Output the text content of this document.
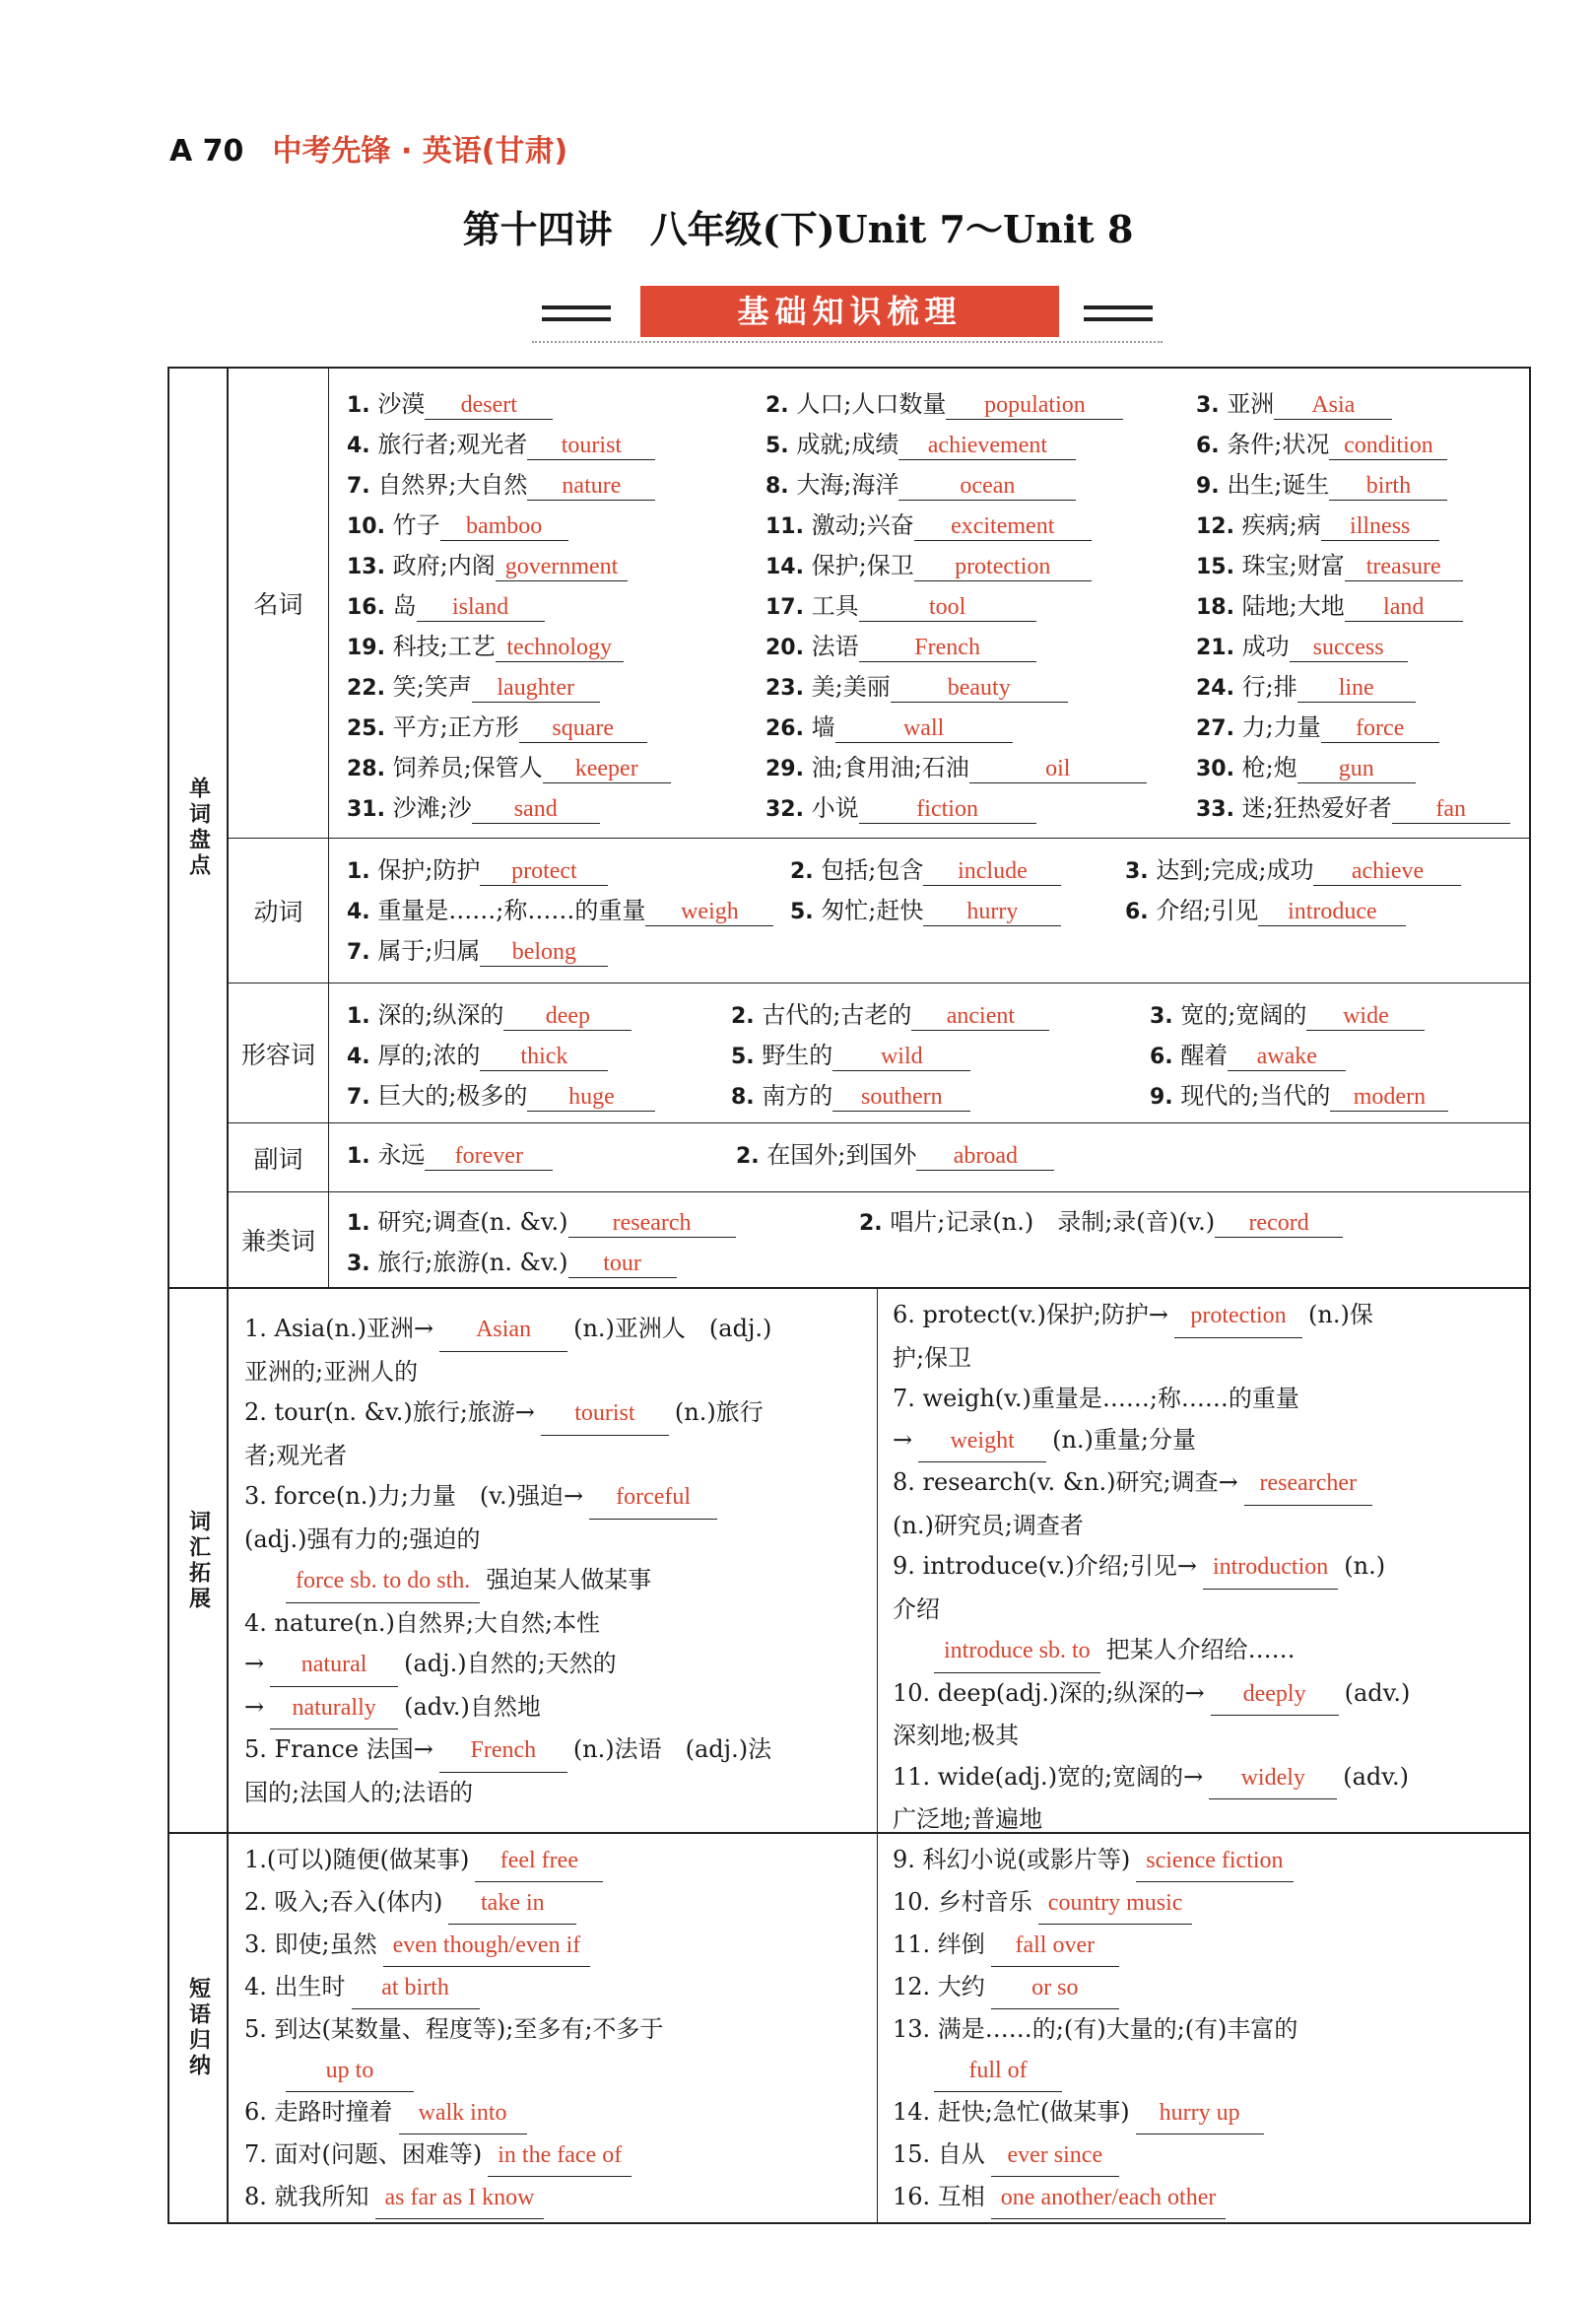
A 70 中考先锋 · 英语(甘肃)
第十四讲　八年级(下)Unit 7～Unit 8
基础知识梳理
单词盘点
名词
1. 沙漠 desert	2. 人口;人口数量 population	3. 亚洲 Asia
4. 旅行者;观光者 tourist	5. 成就;成绩 achievement	6. 条件;状况 condition
7. 自然界;大自然 nature	8. 大海;海洋	ocean	9. 出生;诞生 birth
10. 竹子 bamboo	11. 激动;兴奋 excitement	12. 疾病;病 illness
13. 政府;内阁 government	14. 保护;保卫 protection	15. 珠宝;财富 treasure
16. 岛 island	17. 工具	tool	18. 陆地;大地 land
19. 科技;工艺 technology	20. 法语 French	21. 成功 success
22. 笑;笑声 laughter	23. 美;美丽 beauty	24. 行;排 line
25. 平方;正方形 square	26. 墙	wall	27. 力;力量 force
28. 饲养员;保管人 keeper	29. 油;食用油;石油	oil	30. 枪;炮 gun
31. 沙滩;沙 sand	32. 小说 fiction	33. 迷;狂热爱好者 fan
动词
1. 保护;防护 protect	2. 包括;包含 include	3. 达到;完成;成功 achieve
4. 重量是……;称……的重量 weigh	5. 匆忙;赶快 hurry	6. 介绍;引见 introduce
7. 属于;归属 belong
形容词
1. 深的;纵深的 deep	2. 古代的;古老的 ancient	3. 宽的;宽阔的 wide
4. 厚的;浓的 thick	5. 野生的 wild	6. 醒着 awake
7. 巨大的;极多的 huge	8. 南方的 southern	9. 现代的;当代的 modern
副词	1. 永远 forever	2. 在国外;到国外 abroad
兼类词
1. 研究;调查(n. &v.) research	2. 唱片;记录(n.)　录制;录(音)(v.) record
3. 旅行;旅游(n. &v.) tour
词汇拓展
1. Asia(n.)亚洲→ Asian (n.)亚洲人　(adj.)
亚洲的;亚洲人的
2. tour(n. &v.)旅行;旅游→ tourist (n.)旅行
者;观光者
3. force(n.)力;力量　(v.)强迫→ forceful
(adj.)强有力的;强迫的
　 force sb. to do sth. 强迫某人做某事
4. nature(n.)自然界;大自然;本性
→ natural (adj.)自然的;天然的
→ naturally (adv.)自然地
5. France 法国→ French (n.)法语　(adj.)法
国的;法国人的;法语的
6. protect(v.)保护;防护→ protection (n.)保
护;保卫
7. weigh(v.)重量是……;称……的重量
→ weight (n.)重量;分量
8. research(v. &n.)研究;调查→ researcher
(n.)研究员;调查者
9. introduce(v.)介绍;引见→ introduction (n.)
介绍
　 introduce sb. to 把某人介绍给……
10. deep(adj.)深的;纵深的→ deeply (adv.)
深刻地;极其
11. wide(adj.)宽的;宽阔的→ widely (adv.)
广泛地;普遍地
短语归纳
1.(可以)随便(做某事) feel free
2. 吸入;吞入(体内) take in
3. 即使;虽然 even though/even if
4. 出生时 at birth
5. 到达(某数量、程度等);至多有;不多于
　 up to
6. 走路时撞着 walk into
7. 面对(问题、困难等) in the face of
8. 就我所知 as far as I know
9. 科幻小说(或影片等) science fiction
10. 乡村音乐 country music
11. 绊倒 fall over
12. 大约 or so
13. 满是……的;(有)大量的;(有)丰富的
　 full of
14. 赶快;急忙(做某事) hurry up
15. 自从 ever since
16. 互相 one another/each other
